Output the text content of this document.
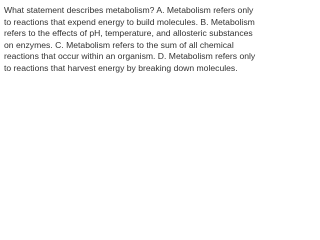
What statement describes metabolism? A. Metabolism refers only to reactions that expend energy to build molecules. B. Metabolism refers to the effects of pH, temperature, and allosteric substances on enzymes. C. Metabolism refers to the sum of all chemical reactions that occur within an organism. D. Metabolism refers only to reactions that harvest energy by breaking down molecules.
